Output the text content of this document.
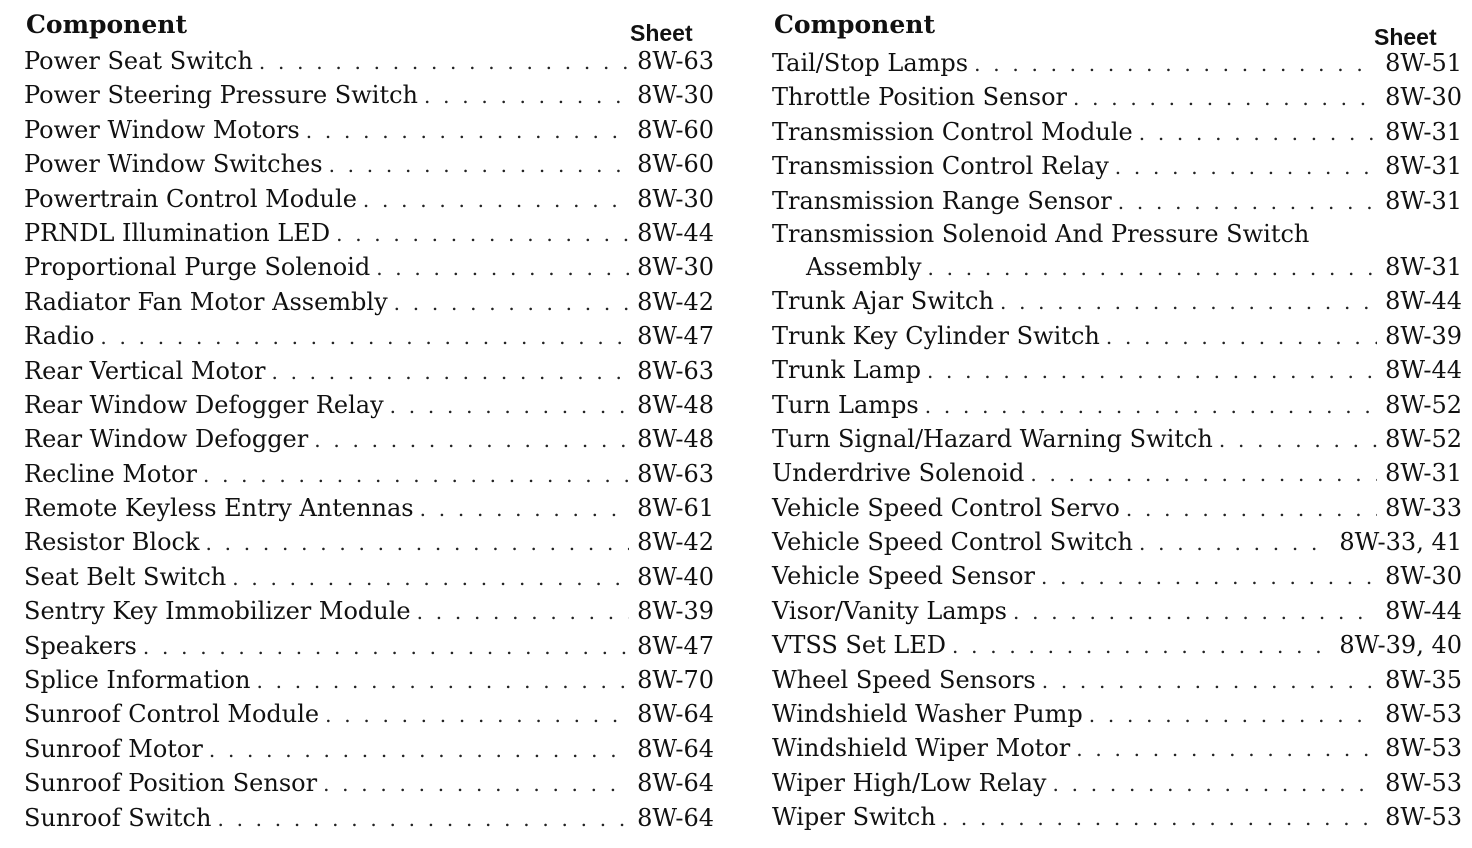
Component	Sheet
Power Seat Switch . . .	8W-63
Power Steering Pressure Switch . . .	8W-30
Power Window Motors . . .	8W-60
Power Window Switches . . .	8W-60
Powertrain Control Module . . .	8W-30
PRNDL Illumination LED . . .	8W-44
Proportional Purge Solenoid . . .	8W-30
Radiator Fan Motor Assembly . . .	8W-42
Radio . . .	8W-47
Rear Vertical Motor . . .	8W-63
Rear Window Defogger Relay . . .	8W-48
Rear Window Defogger . . .	8W-48
Recline Motor . . .	8W-63
Remote Keyless Entry Antennas . . .	8W-61
Resistor Block . . .	8W-42
Seat Belt Switch . . .	8W-40
Sentry Key Immobilizer Module . . .	8W-39
Speakers . . .	8W-47
Splice Information . . .	8W-70
Sunroof Control Module . . .	8W-64
Sunroof Motor . . .	8W-64
Sunroof Position Sensor . . .	8W-64
Sunroof Switch . . .	8W-64
Component	Sheet
Tail/Stop Lamps . . .	8W-51
Throttle Position Sensor . . .	8W-30
Transmission Control Module . . .	8W-31
Transmission Control Relay . . .	8W-31
Transmission Range Sensor . . .	8W-31
Transmission Solenoid And Pressure Switch
Assembly . . .	8W-31
Trunk Ajar Switch . . .	8W-44
Trunk Key Cylinder Switch . . .	8W-39
Trunk Lamp . . .	8W-44
Turn Lamps . . .	8W-52
Turn Signal/Hazard Warning Switch . . .	8W-52
Underdrive Solenoid . . .	8W-31
Vehicle Speed Control Servo . . .	8W-33
Vehicle Speed Control Switch . . .	8W-33, 41
Vehicle Speed Sensor . . .	8W-30
Visor/Vanity Lamps . . .	8W-44
VTSS Set LED . . .	8W-39, 40
Wheel Speed Sensors . . .	8W-35
Windshield Washer Pump . . .	8W-53
Windshield Wiper Motor . . .	8W-53
Wiper High/Low Relay . . .	8W-53
Wiper Switch . . .	8W-53
